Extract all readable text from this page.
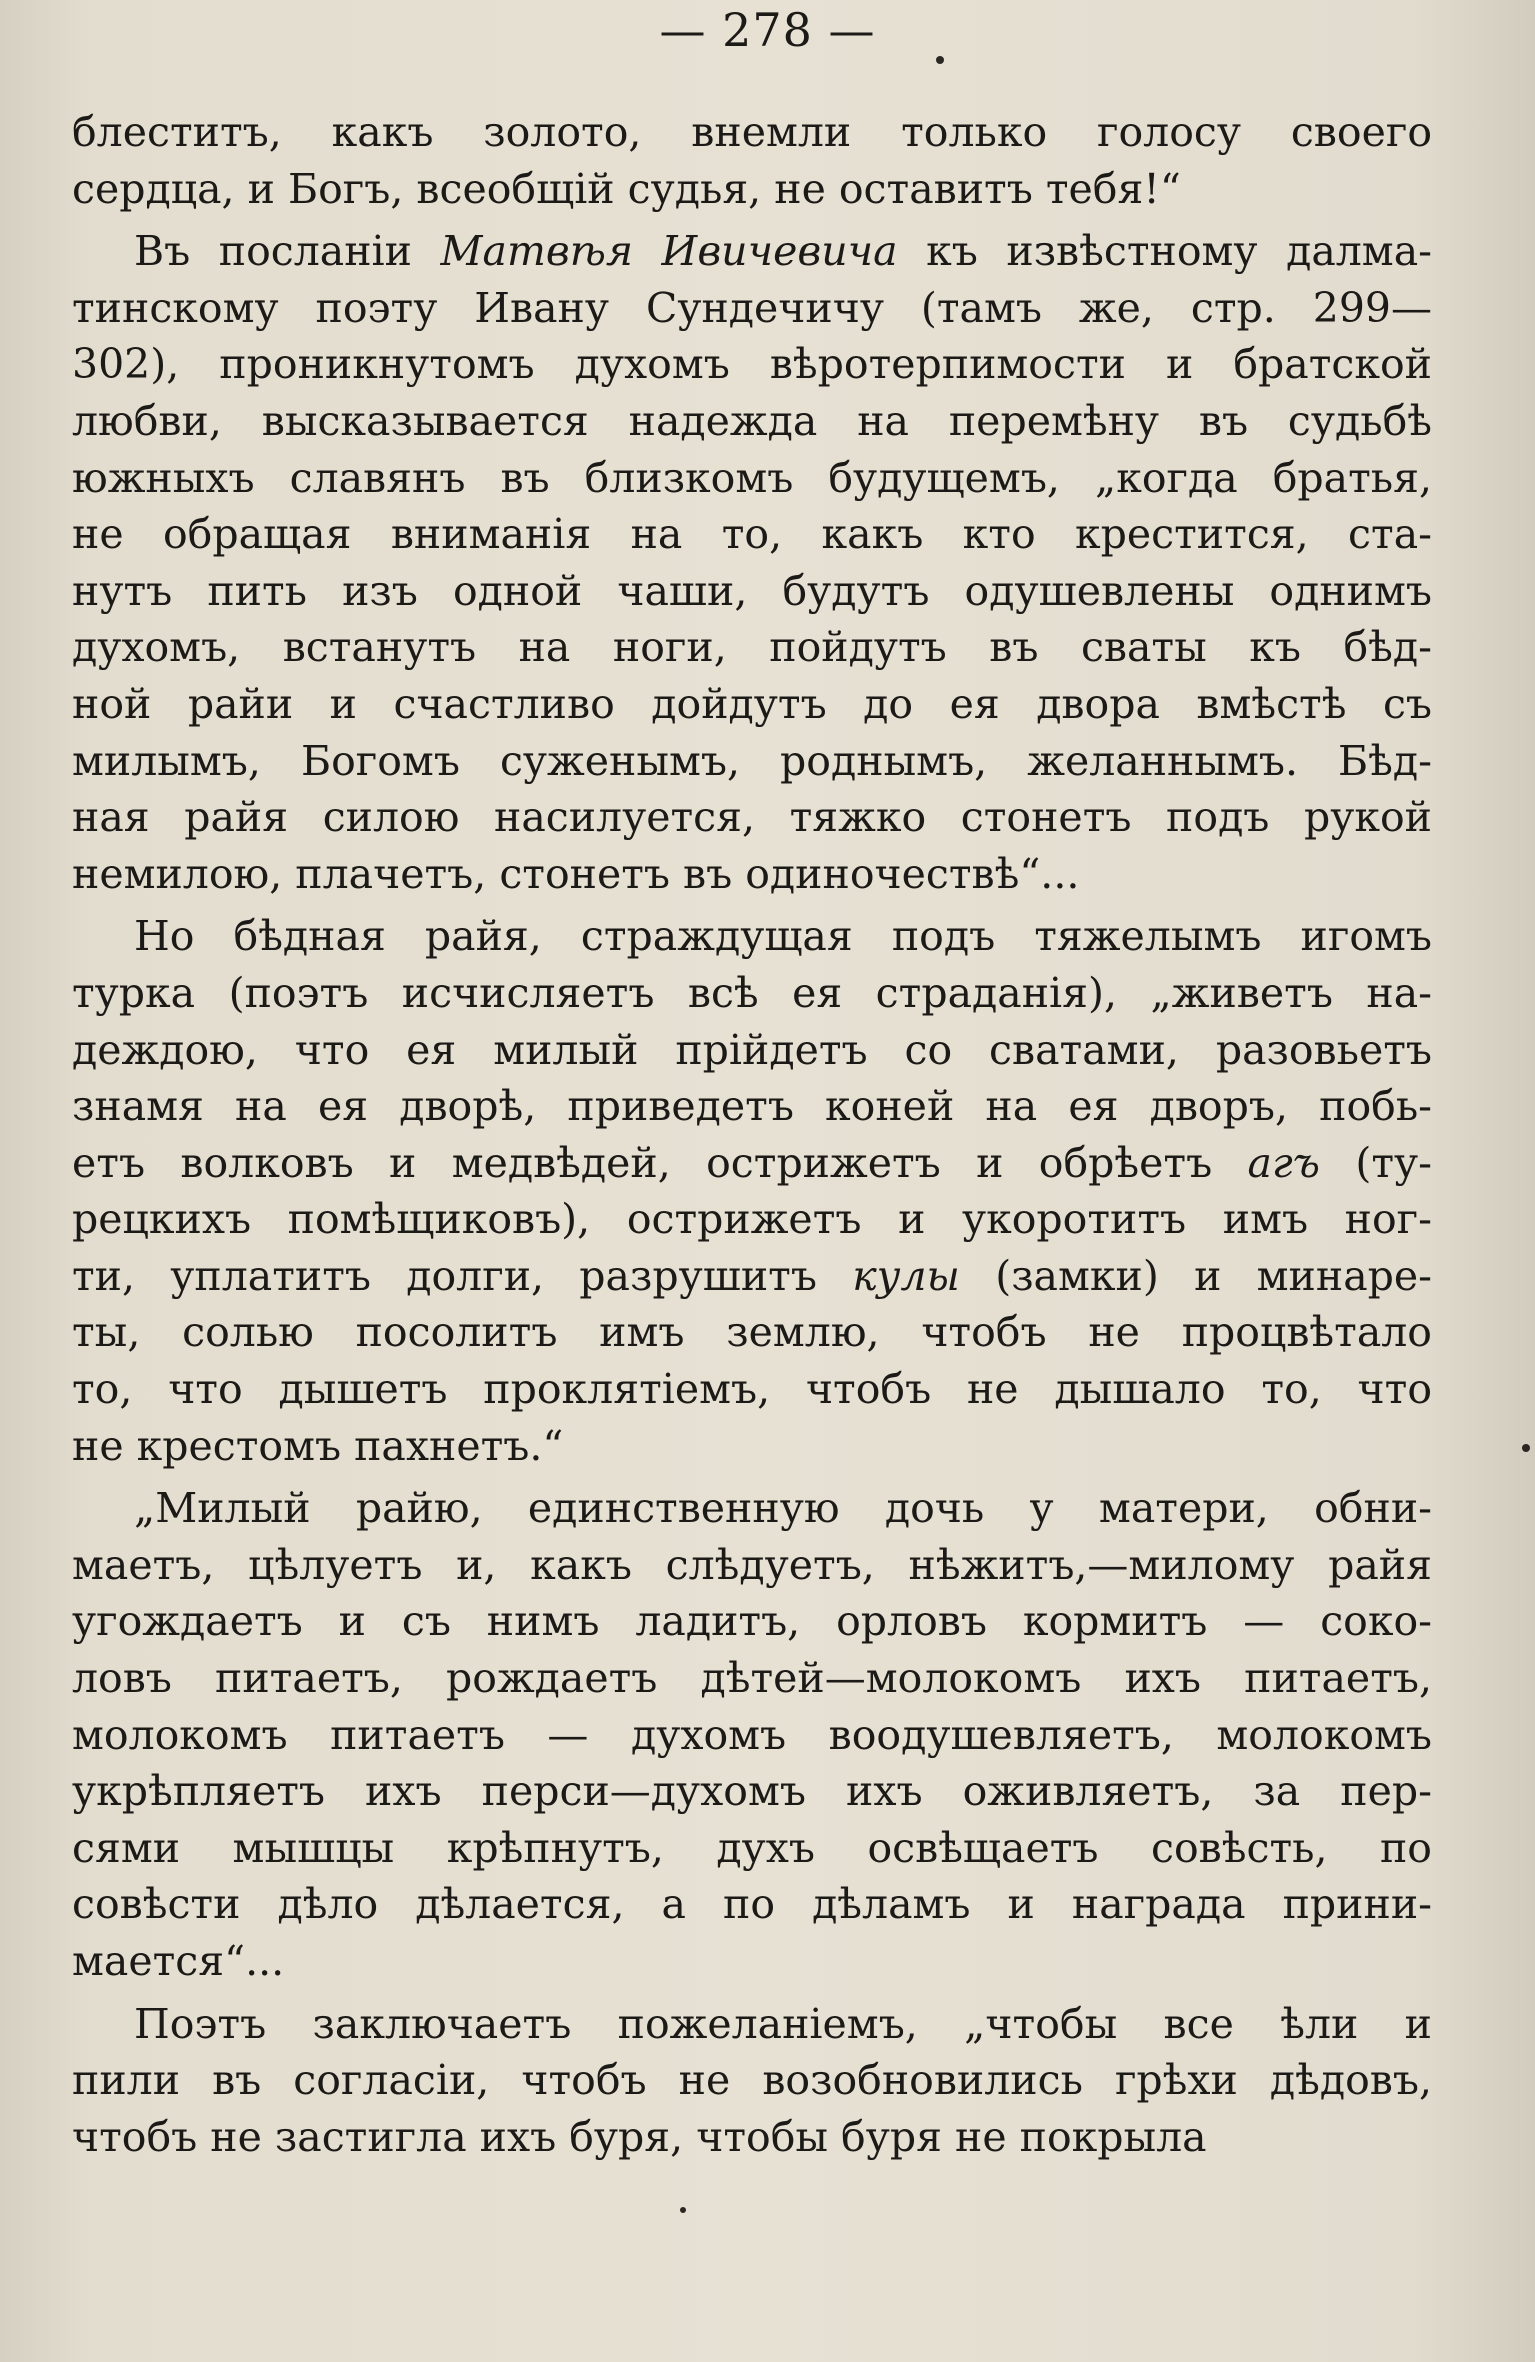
— 278 —
блеститъ, какъ золото, внемли только голосу своего
сердца, и Богъ, всеобщій судья, не оставитъ тебя!“
Въ посланіи Матвѣя Ивичевича къ извѣстному далма-
тинскому поэту Ивану Сундечичу (тамъ же, стр. 299—
302), проникнутомъ духомъ вѣротерпимости и братской
любви, высказывается надежда на перемѣну въ судьбѣ
южныхъ славянъ въ близкомъ будущемъ, „когда братья,
не обращая вниманія на то, какъ кто крестится, ста-
нутъ пить изъ одной чаши, будутъ одушевлены однимъ
духомъ, встанутъ на ноги, пойдутъ въ сваты къ бѣд-
ной райи и счастливо дойдутъ до ея двора вмѣстѣ съ
милымъ, Богомъ суженымъ, роднымъ, желаннымъ. Бѣд-
ная райя силою насилуется, тяжко стонетъ подъ рукой
немилою, плачетъ, стонетъ въ одиночествѣ“...
Но бѣдная райя, страждущая подъ тяжелымъ игомъ
турка (поэтъ исчисляетъ всѣ ея страданія), „живетъ на-
деждою, что ея милый прійдетъ со сватами, разовьетъ
знамя на ея дворѣ, приведетъ коней на ея дворъ, побь-
етъ волковъ и медвѣдей, острижетъ и обрѣетъ агъ (ту-
рецкихъ помѣщиковъ), острижетъ и укоротитъ имъ ног-
ти, уплатитъ долги, разрушитъ кулы (замки) и минаре-
ты, солью посолитъ имъ землю, чтобъ не процвѣтало
то, что дышетъ проклятіемъ, чтобъ не дышало то, что
не крестомъ пахнетъ.“
„Милый райю, единственную дочь у матери, обни-
маетъ, цѣлуетъ и, какъ слѣдуетъ, нѣжитъ,—милому райя
угождаетъ и съ нимъ ладитъ, орловъ кормитъ — соко-
ловъ питаетъ, рождаетъ дѣтей—молокомъ ихъ питаетъ,
молокомъ питаетъ — духомъ воодушевляетъ, молокомъ
укрѣпляетъ ихъ перси—духомъ ихъ оживляетъ, за пер-
сями мышцы крѣпнутъ, духъ освѣщаетъ совѣсть, по
совѣсти дѣло дѣлается, а по дѣламъ и награда прини-
мается“...
Поэтъ заключаетъ пожеланіемъ, „чтобы все ѣли и
пили въ согласіи, чтобъ не возобновились грѣхи дѣдовъ,
чтобъ не застигла ихъ буря, чтобы буря не покрыла
